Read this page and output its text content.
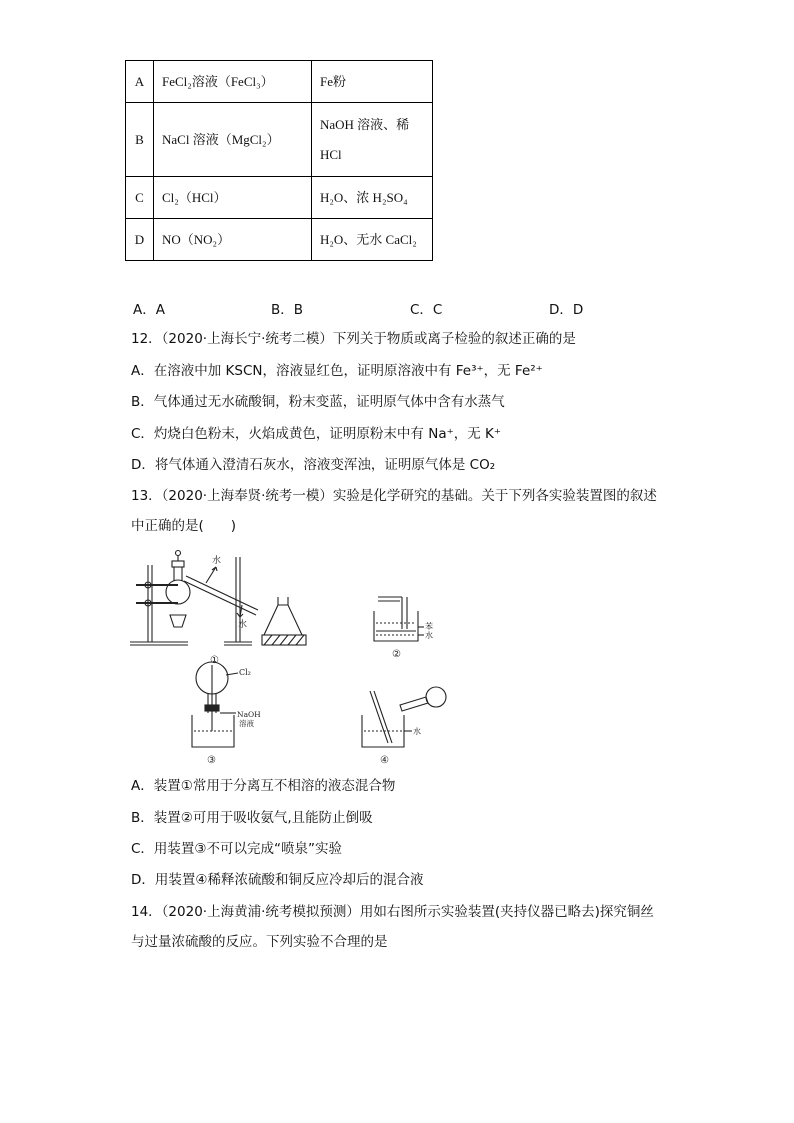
A	FeCl₂溶液（FeCl₃）	Fe粉
B	NaCl 溶液（MgCl₂）	NaOH 溶液、稀 HCl
C	Cl₂（HCl）	H₂O、浓 H₂SO₄
D	NO（NO₂）	H₂O、无水 CaCl₂
A．A	B．B	C．C	D．D
12．（2020·上海长宁·统考二模）下列关于物质或离子检验的叙述正确的是
A．在溶液中加 KSCN，溶液显红色，证明原溶液中有 Fe³⁺，无 Fe²⁺
B．气体通过无水硫酸铜，粉末变蓝，证明原气体中含有水蒸气
C．灼烧白色粉末，火焰成黄色，证明原粉末中有 Na⁺，无 K⁺
D．将气体通入澄清石灰水，溶液变浑浊，证明原气体是 CO₂
13．（2020·上海奉贤·统考一模）实验是化学研究的基础。关于下列各实验装置图的叙述
中正确的是(　　)
水
水
①
苯
水
②
Cl₂
NaOH
溶液
③
水
④
A．装置①常用于分离互不相溶的液态混合物
B．装置②可用于吸收氨气,且能防止倒吸
C．用装置③不可以完成“喷泉”实验
D．用装置④稀释浓硫酸和铜反应冷却后的混合液
14．（2020·上海黄浦·统考模拟预测）用如右图所示实验装置(夹持仪器已略去)探究铜丝
与过量浓硫酸的反应。下列实验不合理的是
